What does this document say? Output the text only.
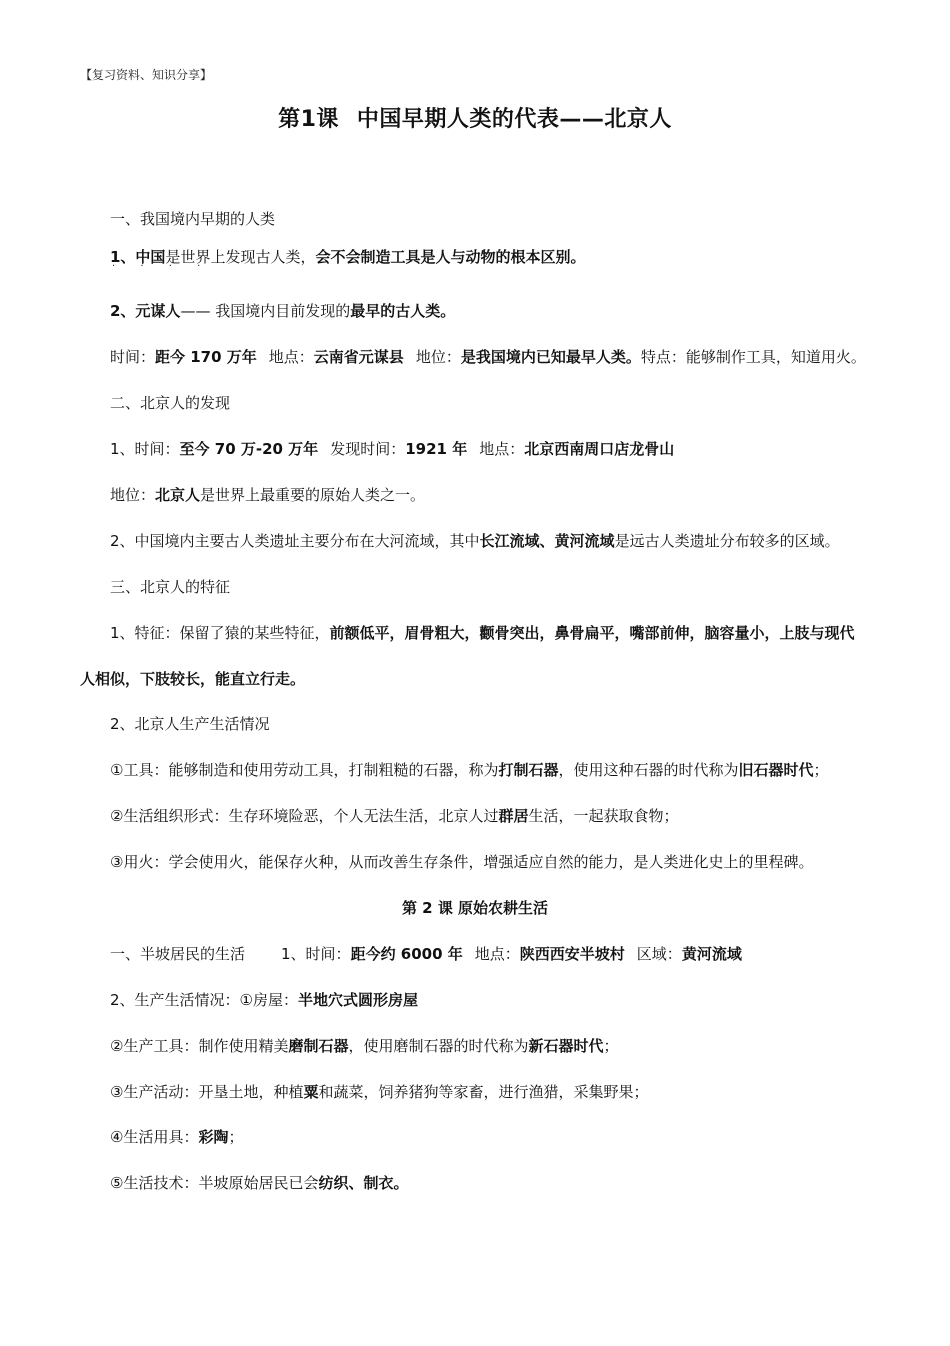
【复习资料、知识分享】
第1课 中国早期人类的代表——北京人
一、我国境内早期的人类
1、中国是世界上发现古人类，会不会制造工具是人与动物的根本区别。
· · · ·
2、元谋人—— 我国境内目前发现的最早的古人类。
时间：距今 170 万年 地点：云南省元谋县 地位：是我国境内已知最早人类。特点：能够制作工具，知道用火。
二、北京人的发现
1、时间：至今 70 万-20 万年 发现时间：1921 年 地点：北京西南周口店龙骨山
地位：北京人是世界上最重要的原始人类之一。
2、中国境内主要古人类遗址主要分布在大河流域，其中长江流域、黄河流域是远古人类遗址分布较多的区域。
三、北京人的特征
1、特征：保留了猿的某些特征，前额低平，眉骨粗大，颧骨突出，鼻骨扁平，嘴部前伸，脑容量小，上肢与现代
人相似，下肢较长，能直立行走。
2、北京人生产生活情况
①工具：能够制造和使用劳动工具，打制粗糙的石器，称为打制石器，使用这种石器的时代称为旧石器时代；
②生活组织形式：生存环境险恶，个人无法生活，北京人过群居生活，一起获取食物；
③用火：学会使用火，能保存火种，从而改善生存条件，增强适应自然的能力，是人类进化史上的里程碑。
第 2 课 原始农耕生活
一、半坡居民的生活 1、时间：距今约 6000 年 地点：陕西西安半坡村 区域：黄河流域
2、生产生活情况：①房屋：半地穴式圆形房屋
②生产工具：制作使用精美磨制石器，使用磨制石器的时代称为新石器时代；
③生产活动：开垦土地，种植粟和蔬菜，饲养猪狗等家畜，进行渔猎，采集野果；
④生活用具：彩陶；
⑤生活技术：半坡原始居民已会纺织、制衣。
